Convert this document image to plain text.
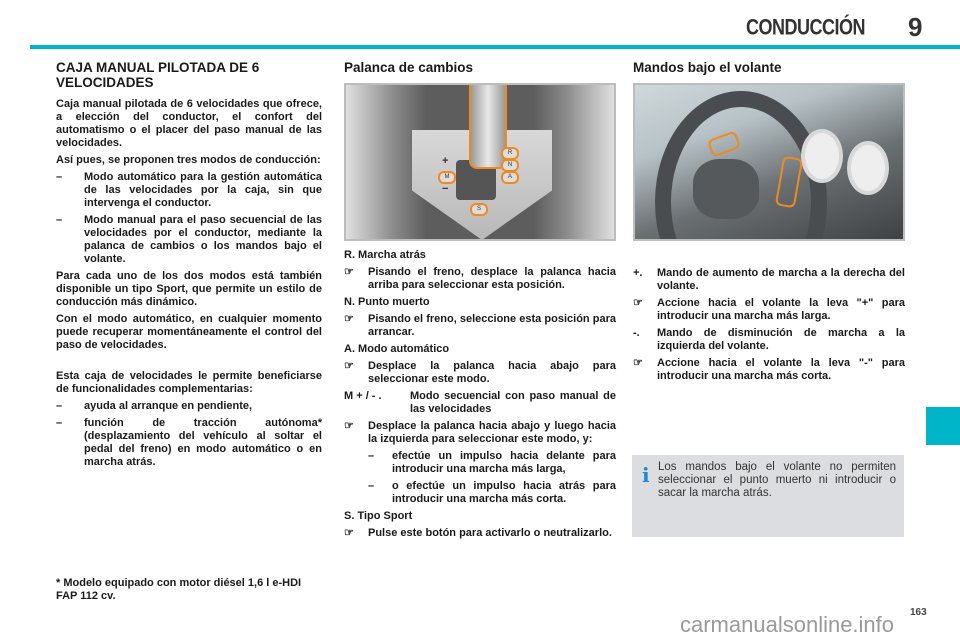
CONDUCCIÓN 9
CAJA MANUAL PILOTADA DE 6 VELOCIDADES

Caja manual pilotada de 6 velocidades que ofrece, a elección del conductor, el confort del automatismo o el placer del paso manual de las velocidades.

Así pues, se proponen tres modos de conducción:

–	Modo automático para la gestión automática de las velocidades por la caja, sin que intervenga el conductor.
–	Modo manual para el paso secuencial de las velocidades por el conductor, mediante la palanca de cambios o los mandos bajo el volante.

Para cada uno de los dos modos está también disponible un tipo Sport, que permite un estilo de conducción más dinámico.

Con el modo automático, en cualquier momento puede recuperar momentáneamente el control del paso de velocidades.

Esta caja de velocidades le permite beneficiarse de funcionalidades complementarias:

–	ayuda al arranque en pendiente,
–	función de tracción autónoma* (desplazamiento del vehículo al soltar el pedal del freno) en modo automático o en marcha atrás.
* Modelo equipado con motor diésel 1,6 l e-HDI FAP 112 cv.
Palanca de cambios
R
N
A
M
S
+
−
R. Marcha atrás
☞	Pisando el freno, desplace la palanca hacia arriba para seleccionar esta posición.
N. Punto muerto
☞	Pisando el freno, seleccione esta posición para arrancar.
A. Modo automático
☞	Desplace la palanca hacia abajo para seleccionar este modo.
M + / - .	Modo secuencial con paso manual de las velocidades
☞	Desplace la palanca hacia abajo y luego hacia la izquierda para seleccionar este modo, y:
–	efectúe un impulso hacia delante para introducir una marcha más larga,
–	o efectúe un impulso hacia atrás para introducir una marcha más corta.
S. Tipo Sport
☞	Pulse este botón para activarlo o neutralizarlo.
Mandos bajo el volante
+.	Mando de aumento de marcha a la derecha del volante.
☞	Accione hacia el volante la leva "+" para introducir una marcha más larga.
-.	Mando de disminución de marcha a la izquierda del volante.
☞	Accione hacia el volante la leva "-" para introducir una marcha más corta.
i Los mandos bajo el volante no permiten seleccionar el punto muerto ni introducir o sacar la marcha atrás.
carmanualsonline.info 163
